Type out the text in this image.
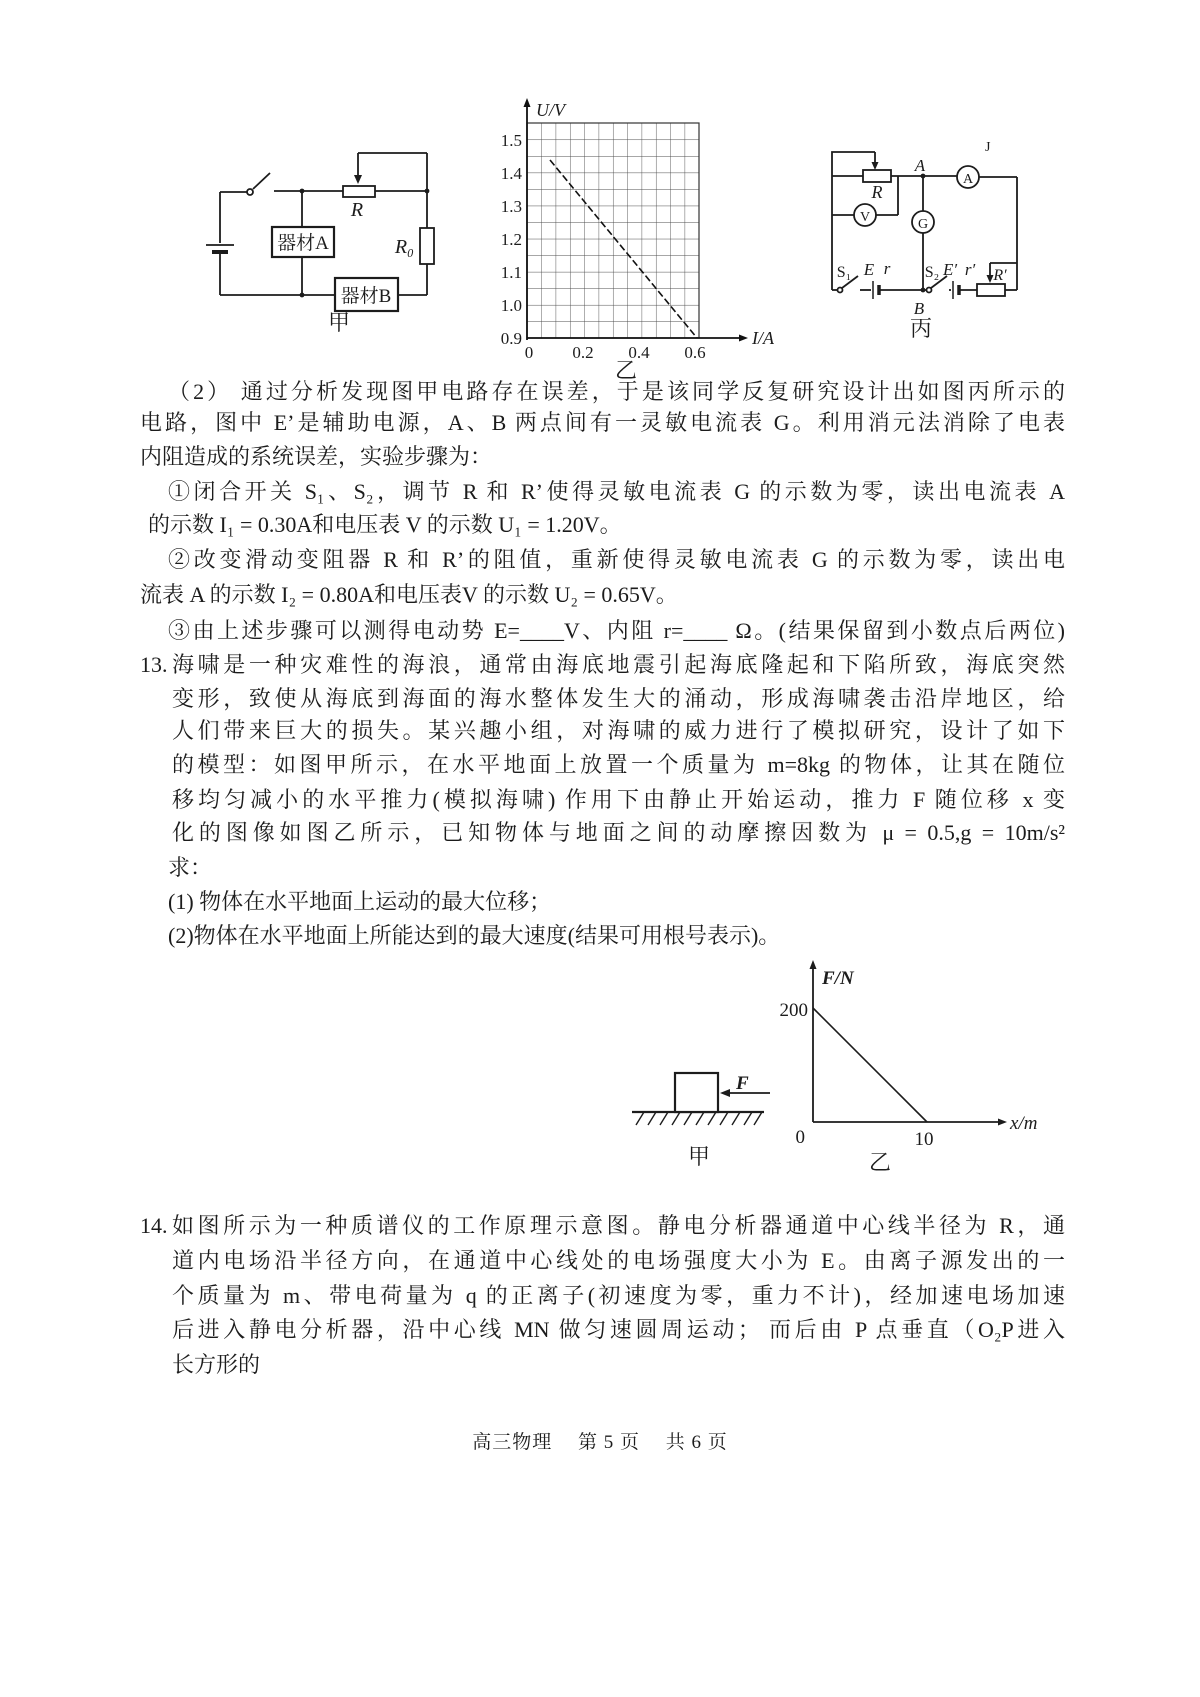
器材A
器材B
R
R₀
甲
U/V
I/A
1.5
1.4
1.3
1.2
1.1
1.0
0.9
0 0.2 0.4 0.6
乙
R
A
A
V	G
S₁ E r S₂ E′ r′ R′
B
丙
J
（2） 通过分析发现图甲电路存在误差，于是该同学反复研究设计出如图丙所示的
电路，图中 E’是辅助电源，A、B 两点间有一灵敏电流表 G。利用消元法消除了电表
内阻造成的系统误差，实验步骤为：
①闭合开关 S₁、S₂，调节 R 和 R’使得灵敏电流表 G 的示数为零，读出电流表 A
的示数 I₁ = 0.30A和电压表 V 的示数 U₁ = 1.20V。
②改变滑动变阻器 R 和 R’的阻值，重新使得灵敏电流表 G 的示数为零，读出电
流表 A 的示数 I₂ = 0.80A和电压表V 的示数 U₂ = 0.65V。
③由上述步骤可以测得电动势 E=____V、内阻 r=____ Ω。(结果保留到小数点后两位)
13. 海啸是一种灾难性的海浪，通常由海底地震引起海底隆起和下陷所致，海底突然
变形，致使从海底到海面的海水整体发生大的涌动，形成海啸袭击沿岸地区，给
人们带来巨大的损失。某兴趣小组，对海啸的威力进行了模拟研究，设计了如下
的模型：如图甲所示，在水平地面上放置一个质量为 m=8kg 的物体，让其在随位
移均匀减小的水平推力(模拟海啸) 作用下由静止开始运动，推力 F 随位移 x 变
化的图像如图乙所示，已知物体与地面之间的动摩擦因数为 μ = 0.5,g = 10m/s²
求：
(1) 物体在水平地面上运动的最大位移；
(2)物体在水平地面上所能达到的最大速度(结果可用根号表示)。
F
甲
F/N
200
0	10
x/m
乙
14. 如图所示为一种质谱仪的工作原理示意图。静电分析器通道中心线半径为 R，通
道内电场沿半径方向，在通道中心线处的电场强度大小为 E。由离子源发出的一
个质量为 m、带电荷量为 q 的正离子(初速度为零，重力不计)，经加速电场加速
后进入静电分析器，沿中心线 MN 做匀速圆周运动； 而后由 P 点垂直（O₂P进入
长方形的
高三物理　 第 5 页 　共 6 页
